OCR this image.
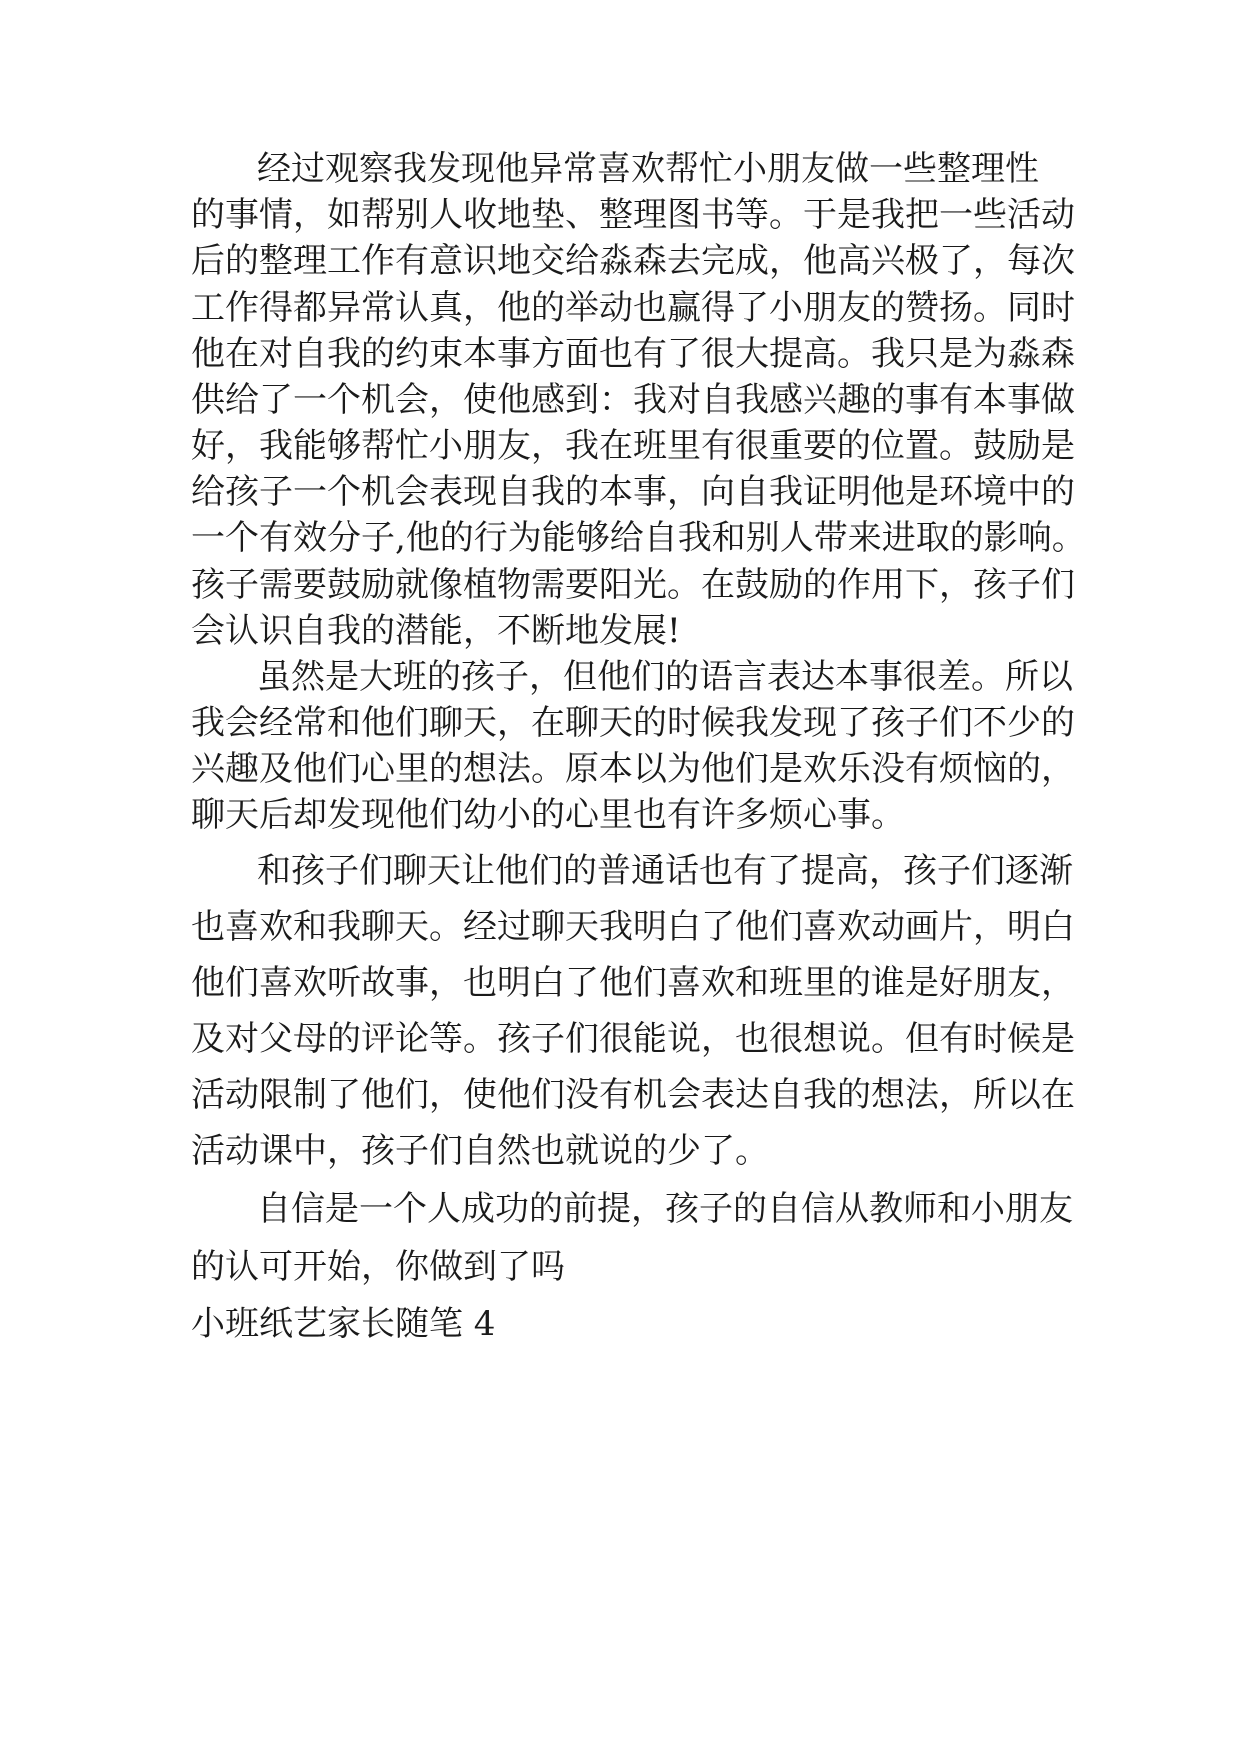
经过观察我发现他异常喜欢帮忙小朋友做一些整理性

的事情，如帮别人收地垫、整理图书等。于是我把一些活动

后的整理工作有意识地交给淼森去完成，他高兴极了，每次

工作得都异常认真，他的举动也赢得了小朋友的赞扬。同时

他在对自我的约束本事方面也有了很大提高。我只是为淼森

供给了一个机会，使他感到：我对自我感兴趣的事有本事做

好，我能够帮忙小朋友，我在班里有很重要的位置。鼓励是

给孩子一个机会表现自我的本事，向自我证明他是环境中的

一个有效分子,他的行为能够给自我和别人带来进取的影响。

孩子需要鼓励就像植物需要阳光。在鼓励的作用下，孩子们

会认识自我的潜能，不断地发展!

虽然是大班的孩子，但他们的语言表达本事很差。所以

我会经常和他们聊天，在聊天的时候我发现了孩子们不少的

兴趣及他们心里的想法。原本以为他们是欢乐没有烦恼的，

聊天后却发现他们幼小的心里也有许多烦心事。

和孩子们聊天让他们的普通话也有了提高，孩子们逐渐

也喜欢和我聊天。经过聊天我明白了他们喜欢动画片，明白

他们喜欢听故事，也明白了他们喜欢和班里的谁是好朋友，

及对父母的评论等。孩子们很能说，也很想说。但有时候是

活动限制了他们，使他们没有机会表达自我的想法，所以在

活动课中，孩子们自然也就说的少了。

自信是一个人成功的前提，孩子的自信从教师和小朋友

的认可开始，你做到了吗

小班纸艺家长随笔 4
